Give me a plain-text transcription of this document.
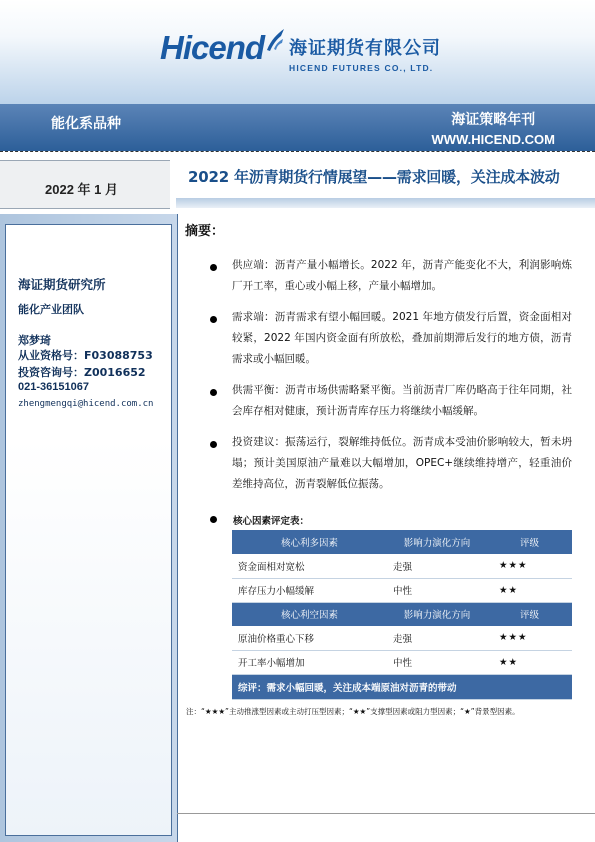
Hicend 海证期货有限公司
HICEND FUTURES CO., LTD.
能化系品种	海证策略年刊
WWW.HICEND.COM
2022 年 1 月
2022 年沥青期货行情展望——需求回暖，关注成本波动
海证期货研究所
能化产业团队
郑梦琦
从业资格号：F03088753
投资咨询号：Z0016652
021-36151067
zhengmengqi@hicend.com.cn
摘要：
供应端：沥青产量小幅增长。2022 年，沥青产能变化不大，利润影响炼厂开工率，重心或小幅上移，产量小幅增加。
需求端：沥青需求有望小幅回暖。2021 年地方债发行后置，资金面相对较紧，2022 年国内资金面有所放松，叠加前期滞后发行的地方债，沥青需求或小幅回暖。
供需平衡：沥青市场供需略紧平衡。当前沥青厂库仍略高于往年同期，社会库存相对健康，预计沥青库存压力将继续小幅缓解。
投资建议：振荡运行，裂解维持低位。沥青成本受油价影响较大，暂未坍塌；预计美国原油产量难以大幅增加，OPEC+继续维持增产，轻重油价差维持高位，沥青裂解低位振荡。
核心因素评定表：
核心利多因素	影响力演化方向	评级
资金面相对宽松	走强	★★★
库存压力小幅缓解	中性	★★
核心利空因素	影响力演化方向	评级
原油价格重心下移	走强	★★★
开工率小幅增加	中性	★★
综评：需求小幅回暖，关注成本端原油对沥青的带动		
注：“★★★”主动推涨型因素或主动打压型因素；“★★”支撑型因素或阻力型因素；“★”背景型因素。
